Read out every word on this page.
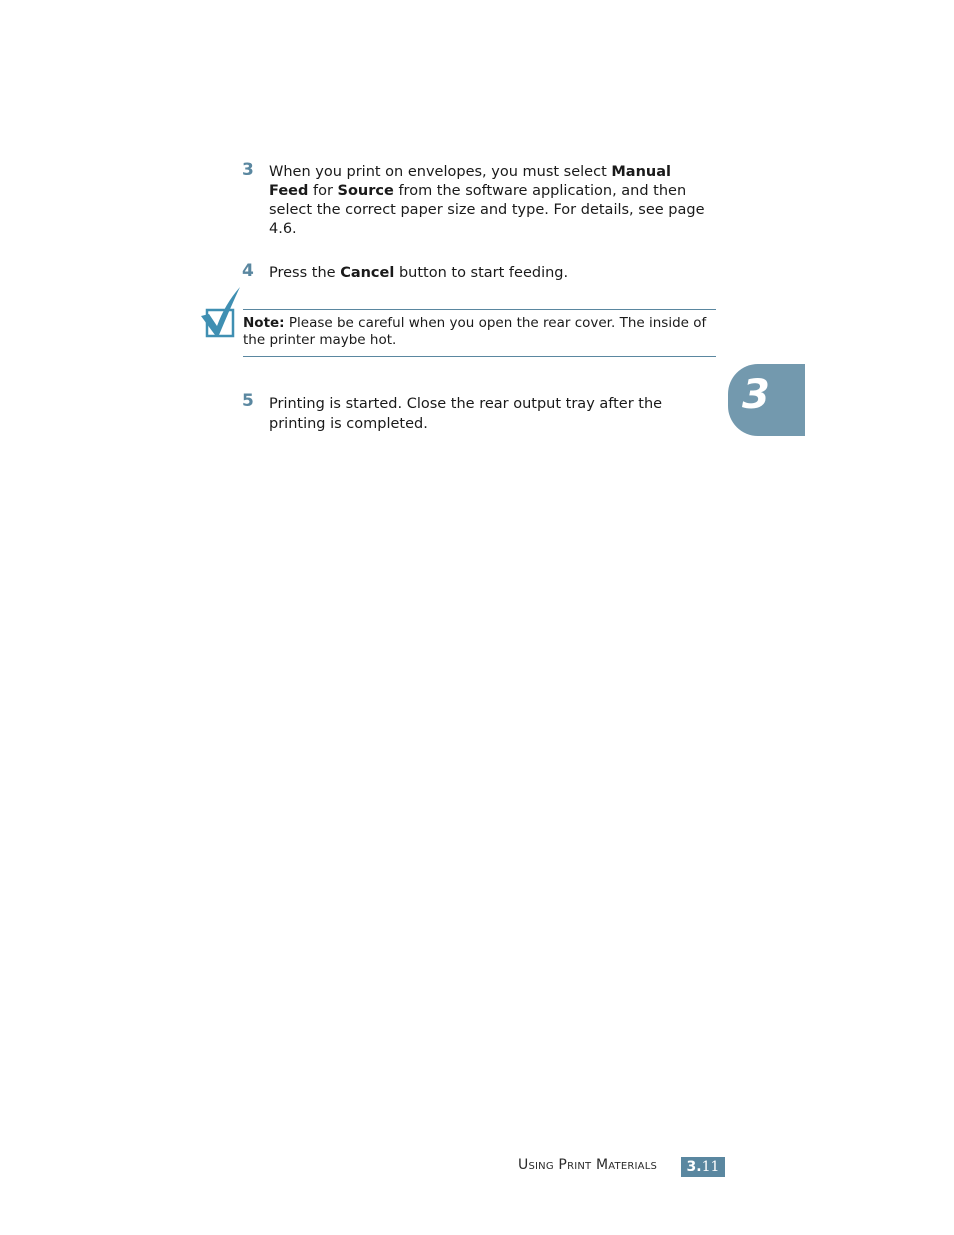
3 When you print on envelopes, you must select Manual Feed for Source from the software application, and then select the correct paper size and type. For details, see page 4.6.
4 Press the Cancel button to start feeding.
Note: Please be careful when you open the rear cover. The inside of the printer maybe hot.
5 Printing is started. Close the rear output tray after the printing is completed.
3
Using Print Materials	3.11
